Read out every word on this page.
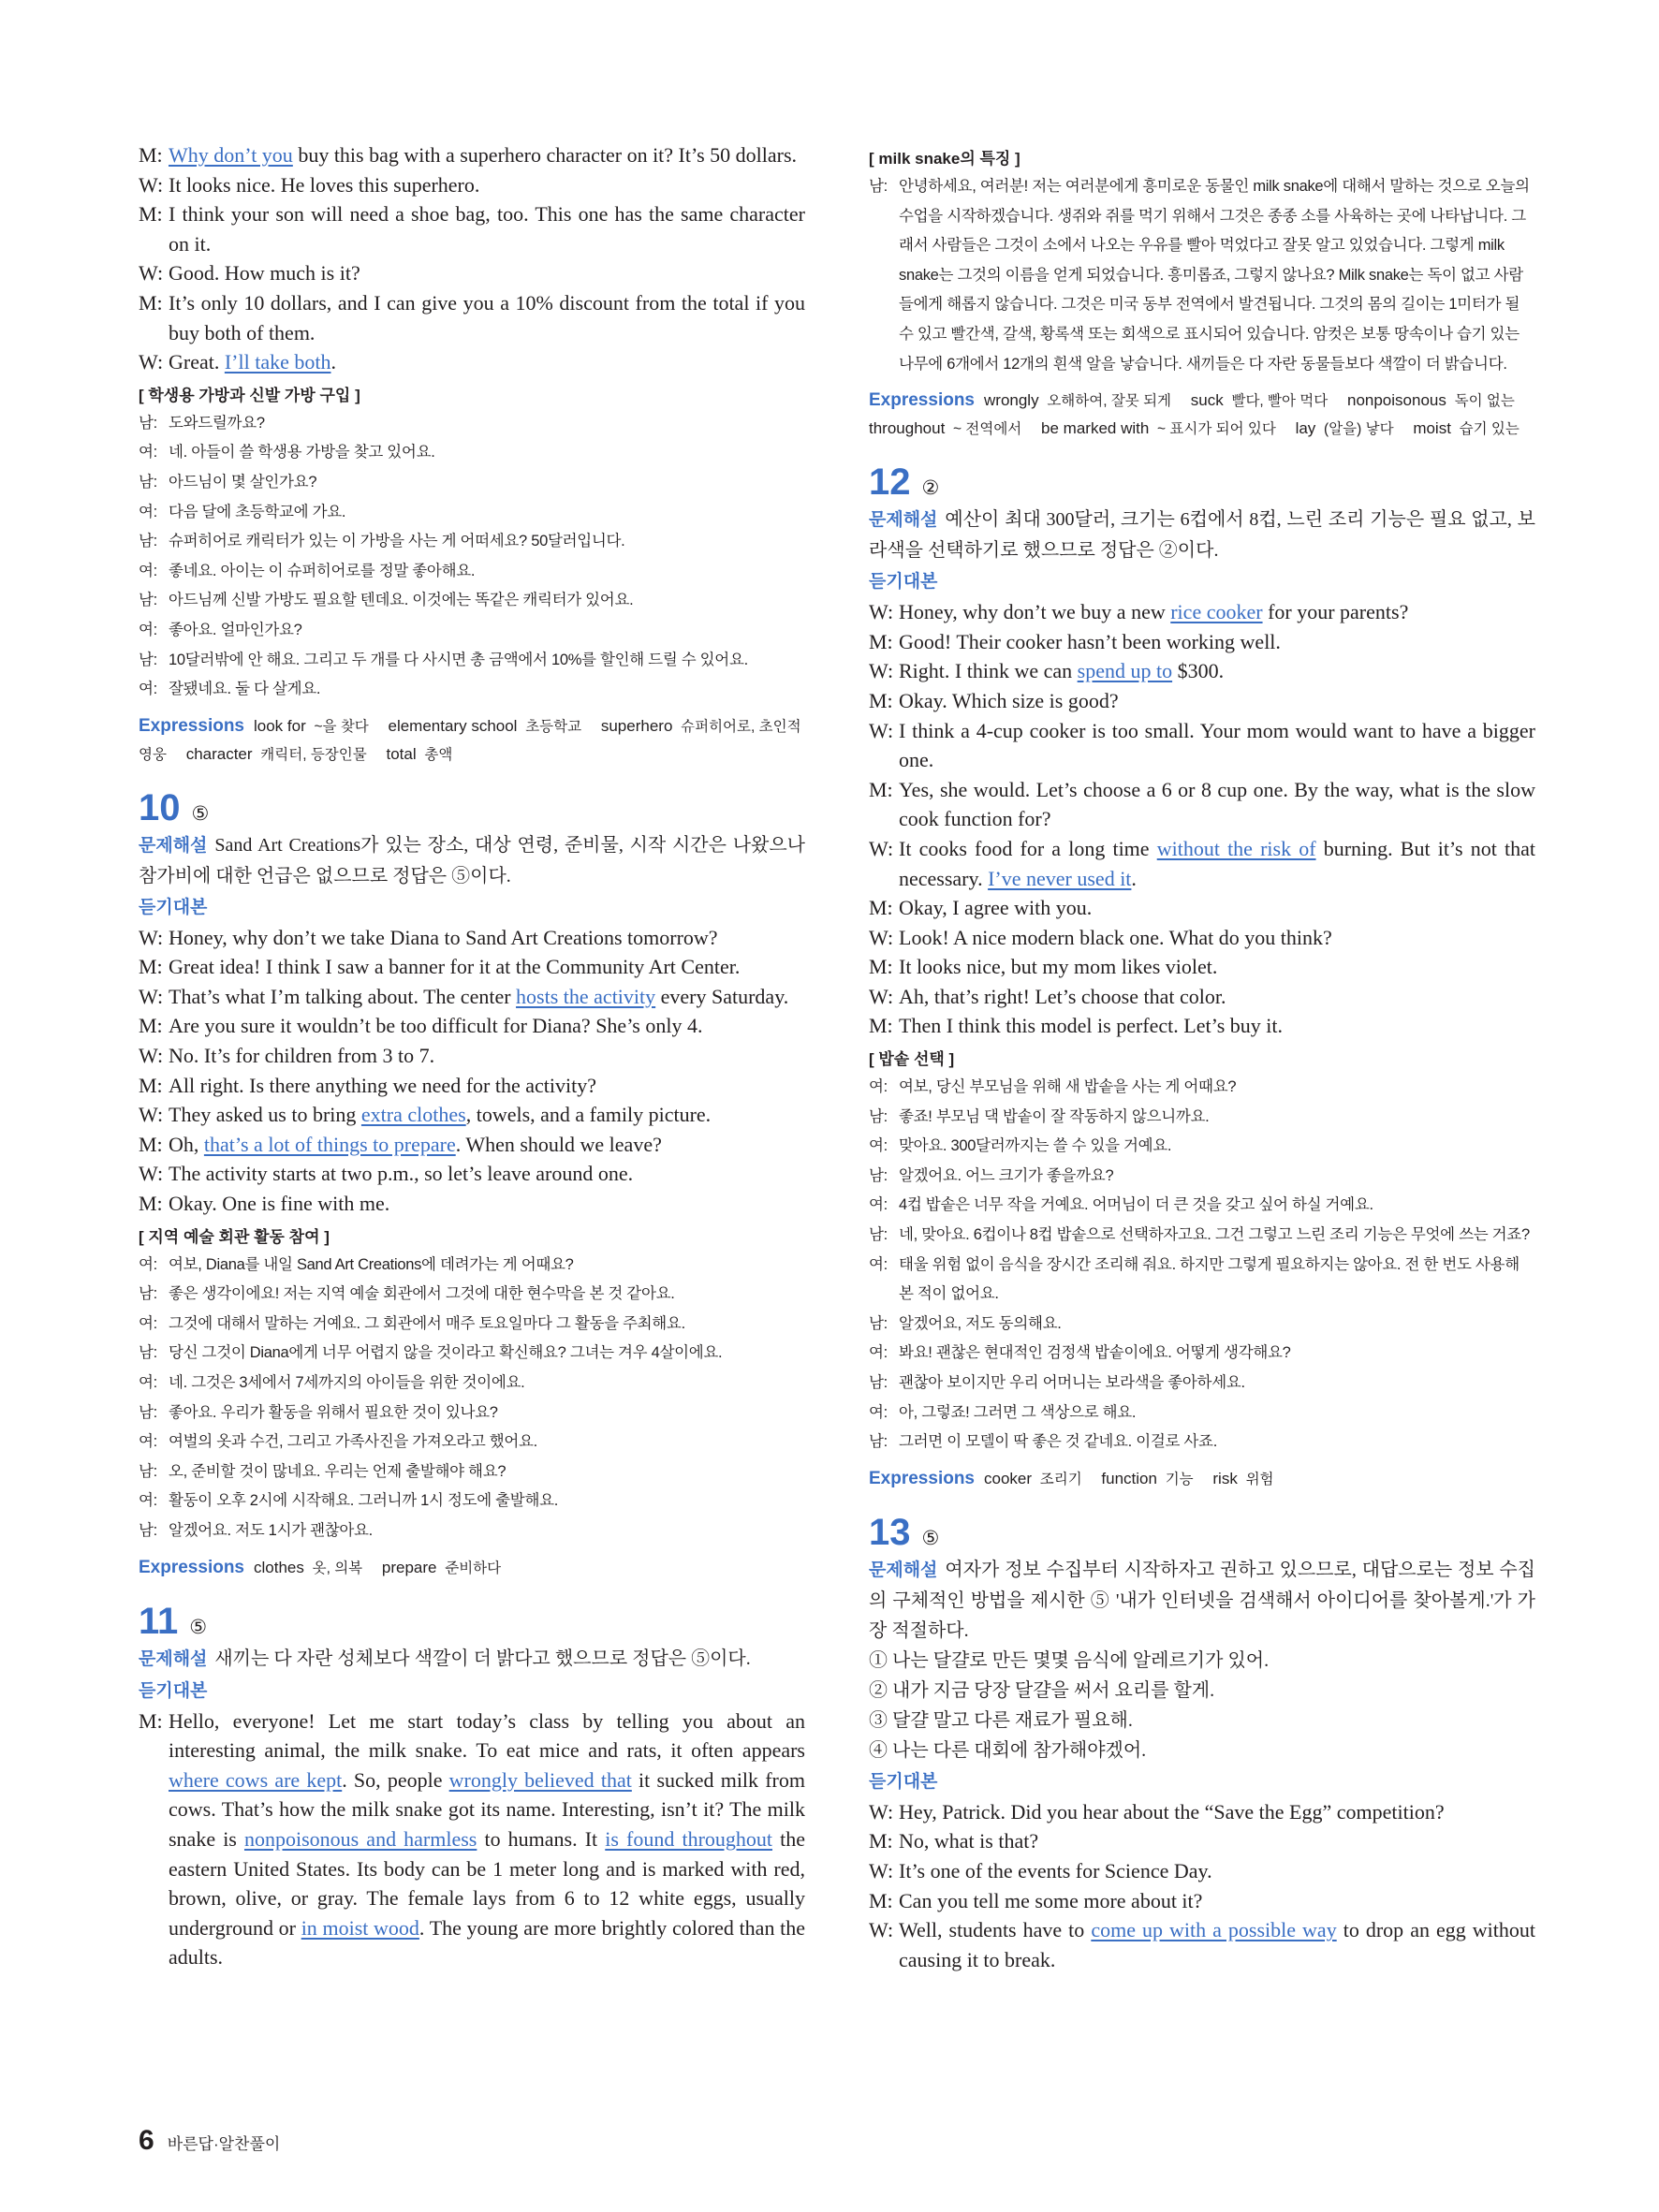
M: Why don’t you buy this bag with a superhero character on it? It’s 50 dollars.
W: It looks nice. He loves this superhero.
M: I think your son will need a shoe bag, too. This one has the same character on it.
W: Good. How much is it?
M: It’s only 10 dollars, and I can give you a 10% discount from the total if you buy both of them.
W: Great. I’ll take both.
[ 학생용 가방과 신발 가방 구입 ]
남: 도와드릴까요?
여: 네. 아들이 쓸 학생용 가방을 찾고 있어요.
남: 아드님이 몇 살인가요?
여: 다음 달에 초등학교에 가요.
남: 슈퍼히어로 캐릭터가 있는 이 가방을 사는 게 어떠세요? 50달러입니다.
여: 좋네요. 아이는 이 슈퍼히어로를 정말 좋아해요.
남: 아드님께 신발 가방도 필요할 텐데요. 이것에는 똑같은 캐릭터가 있어요.
여: 좋아요. 얼마인가요?
남: 10달러밖에 안 해요. 그리고 두 개를 다 사시면 총 금액에서 10%를 할인해 드릴 수 있어요.
여: 잘됐네요. 둘 다 살게요.
Expressions look for ~을 찾다 elementary school 초등학교 superhero 슈퍼히어로, 초인적 영웅 character 캐릭터, 등장인물 total 총액
10 ⑤
문제해설 Sand Art Creations가 있는 장소, 대상 연령, 준비물, 시작 시간은 나왔으나 참가비에 대한 언급은 없으므로 정답은 ⑤이다.
듣기대본
W: Honey, why don’t we take Diana to Sand Art Creations tomorrow?
M: Great idea! I think I saw a banner for it at the Community Art Center.
W: That’s what I’m talking about. The center hosts the activity every Saturday.
M: Are you sure it wouldn’t be too difficult for Diana? She’s only 4.
W: No. It’s for children from 3 to 7.
M: All right. Is there anything we need for the activity?
W: They asked us to bring extra clothes, towels, and a family picture.
M: Oh, that’s a lot of things to prepare. When should we leave?
W: The activity starts at two p.m., so let’s leave around one.
M: Okay. One is fine with me.
[ 지역 예술 회관 활동 참여 ]
여: 여보, Diana를 내일 Sand Art Creations에 데려가는 게 어때요?
남: 좋은 생각이에요! 저는 지역 예술 회관에서 그것에 대한 현수막을 본 것 같아요.
여: 그것에 대해서 말하는 거예요. 그 회관에서 매주 토요일마다 그 활동을 주최해요.
남: 당신 그것이 Diana에게 너무 어렵지 않을 것이라고 확신해요? 그녀는 겨우 4살이에요.
여: 네. 그것은 3세에서 7세까지의 아이들을 위한 것이에요.
남: 좋아요. 우리가 활동을 위해서 필요한 것이 있나요?
여: 여벌의 옷과 수건, 그리고 가족사진을 가져오라고 했어요.
남: 오, 준비할 것이 많네요. 우리는 언제 출발해야 해요?
여: 활동이 오후 2시에 시작해요. 그러니까 1시 정도에 출발해요.
남: 알겠어요. 저도 1시가 괜찮아요.
Expressions clothes 옷, 의복 prepare 준비하다
11 ⑤
문제해설 새끼는 다 자란 성체보다 색깔이 더 밝다고 했으므로 정답은 ⑤이다.
듣기대본
M: Hello, everyone! Let me start today’s class by telling you about an interesting animal, the milk snake. To eat mice and rats, it often appears where cows are kept. So, people wrongly believed that it sucked milk from cows. That’s how the milk snake got its name. Interesting, isn’t it? The milk snake is nonpoisonous and harmless to humans. It is found throughout the eastern United States. Its body can be 1 meter long and is marked with red, brown, olive, or gray. The female lays from 6 to 12 white eggs, usually underground or in moist wood. The young are more brightly colored than the adults.
[ milk snake의 특징 ]
남: 안녕하세요, 여러분! 저는 여러분에게 흥미로운 동물인 milk snake에 대해서 말하는 것으로 오늘의 수업을 시작하겠습니다. 생쥐와 쥐를 먹기 위해서 그것은 종종 소를 사육하는 곳에 나타납니다. 그래서 사람들은 그것이 소에서 나오는 우유를 빨아 먹었다고 잘못 알고 있었습니다. 그렇게 milk snake는 그것의 이름을 얻게 되었습니다. 흥미롭죠, 그렇지 않나요? Milk snake는 독이 없고 사람들에게 해롭지 않습니다. 그것은 미국 동부 전역에서 발견됩니다. 그것의 몸의 길이는 1미터가 될 수 있고 빨간색, 갈색, 황록색 또는 회색으로 표시되어 있습니다. 암컷은 보통 땅속이나 습기 있는 나무에 6개에서 12개의 흰색 알을 낳습니다. 새끼들은 다 자란 동물들보다 색깔이 더 밝습니다.
Expressions wrongly 오해하여, 잘못 되게 suck 빨다, 빨아 먹다 nonpoisonous 독이 없는 throughout ~ 전역에서 be marked with ~ 표시가 되어 있다 lay (알을) 낳다 moist 습기 있는
12 ②
문제해설 예산이 최대 300달러, 크기는 6컵에서 8컵, 느린 조리 기능은 필요 없고, 보라색을 선택하기로 했으므로 정답은 ②이다.
듣기대본
W: Honey, why don’t we buy a new rice cooker for your parents?
M: Good! Their cooker hasn’t been working well.
W: Right. I think we can spend up to $300.
M: Okay. Which size is good?
W: I think a 4-cup cooker is too small. Your mom would want to have a bigger one.
M: Yes, she would. Let’s choose a 6 or 8 cup one. By the way, what is the slow cook function for?
W: It cooks food for a long time without the risk of burning. But it’s not that necessary. I’ve never used it.
M: Okay, I agree with you.
W: Look! A nice modern black one. What do you think?
M: It looks nice, but my mom likes violet.
W: Ah, that’s right! Let’s choose that color.
M: Then I think this model is perfect. Let’s buy it.
[ 밥솥 선택 ]
여: 여보, 당신 부모님을 위해 새 밥솥을 사는 게 어때요?
남: 좋죠! 부모님 댁 밥솥이 잘 작동하지 않으니까요.
여: 맞아요. 300달러까지는 쓸 수 있을 거예요.
남: 알겠어요. 어느 크기가 좋을까요?
여: 4컵 밥솥은 너무 작을 거예요. 어머님이 더 큰 것을 갖고 싶어 하실 거예요.
남: 네, 맞아요. 6컵이나 8컵 밥솥으로 선택하자고요. 그건 그렇고 느린 조리 기능은 무엇에 쓰는 거죠?
여: 태울 위험 없이 음식을 장시간 조리해 줘요. 하지만 그렇게 필요하지는 않아요. 전 한 번도 사용해 본 적이 없어요.
남: 알겠어요, 저도 동의해요.
여: 봐요! 괜찮은 현대적인 검정색 밥솥이에요. 어떻게 생각해요?
남: 괜찮아 보이지만 우리 어머니는 보라색을 좋아하세요.
여: 아, 그렇죠! 그러면 그 색상으로 해요.
남: 그러면 이 모델이 딱 좋은 것 같네요. 이걸로 사죠.
Expressions cooker 조리기 function 기능 risk 위험
13 ⑤
문제해설 여자가 정보 수집부터 시작하자고 권하고 있으므로, 대답으로는 정보 수집의 구체적인 방법을 제시한 ⑤ '내가 인터넷을 검색해서 아이디어를 찾아볼게.'가 가장 적절하다.
① 나는 달걀로 만든 몇몇 음식에 알레르기가 있어.
② 내가 지금 당장 달걀을 써서 요리를 할게.
③ 달걀 말고 다른 재료가 필요해.
④ 나는 다른 대회에 참가해야겠어.
듣기대본
W: Hey, Patrick. Did you hear about the “Save the Egg” competition?
M: No, what is that?
W: It’s one of the events for Science Day.
M: Can you tell me some more about it?
W: Well, students have to come up with a possible way to drop an egg without causing it to break.
6 바른답·알찬풀이
